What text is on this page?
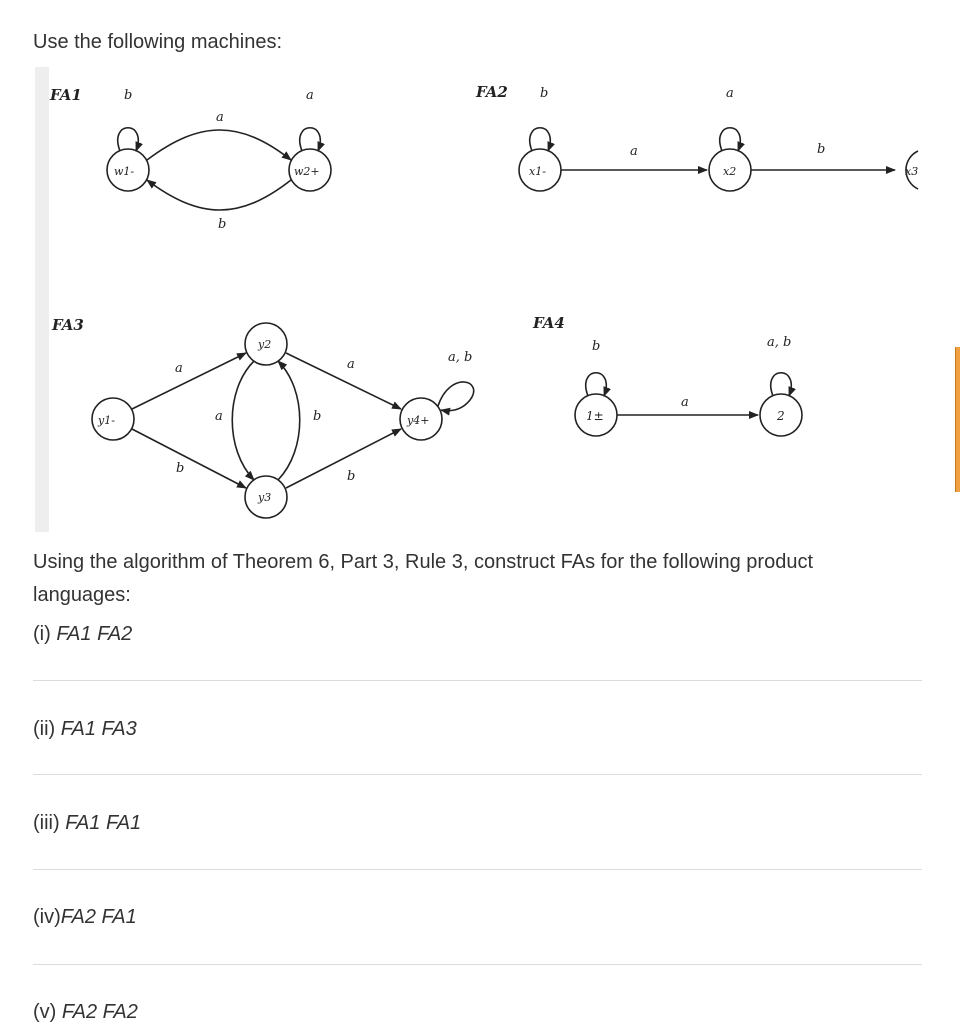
Use the following machines:

FA1	b	a
a
b
w1-	w2+
FA2 b	a
a	b
x1-	x2	x3
FA3
a
b
a	b
a
b
a, b
y1-
y2
y3
y4+
FA4
b	a, b
a
1±	2

Using the algorithm of Theorem 6, Part 3, Rule 3, construct FAs for the following product languages:

(i) FA1 FA2

(ii) FA1 FA3

(iii) FA1 FA1

(iv)FA2 FA1

(v) FA2 FA2
